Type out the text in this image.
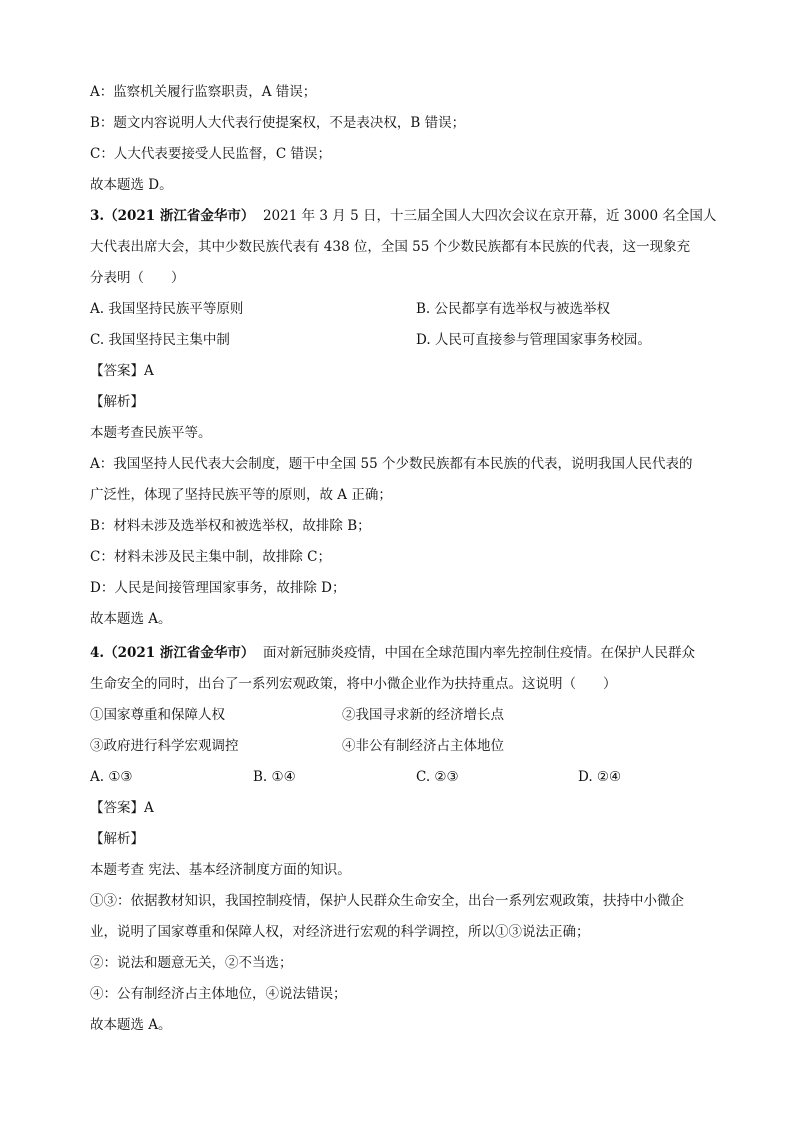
A：监察机关履行监察职责，A 错误；
B：题文内容说明人大代表行使提案权，不是表决权，B 错误；
C：人大代表要接受人民监督，C 错误；
故本题选 D。
3.（2021 浙江省金华市） 2021 年 3 月 5 日，十三届全国人大四次会议在京开幕，近 3000 名全国人
大代表出席大会，其中少数民族代表有 438 位，全国 55 个少数民族都有本民族的代表，这一现象充
分表明（　　）
A. 我国坚持民族平等原则	B. 公民都享有选举权与被选举权
C. 我国坚持民主集中制	D. 人民可直接参与管理国家事务校园。
【答案】A
【解析】
本题考查民族平等。
A：我国坚持人民代表大会制度，题干中全国 55 个少数民族都有本民族的代表，说明我国人民代表的
广泛性，体现了坚持民族平等的原则，故 A 正确；
B：材料未涉及选举权和被选举权，故排除 B；
C：材料未涉及民主集中制，故排除 C；
D：人民是间接管理国家事务，故排除 D；
故本题选 A。
4.（2021 浙江省金华市） 面对新冠肺炎疫情，中国在全球范围内率先控制住疫情。在保护人民群众
生命安全的同时，出台了一系列宏观政策，将中小微企业作为扶持重点。这说明（　　）
①国家尊重和保障人权	②我国寻求新的经济增长点
③政府进行科学宏观调控	④非公有制经济占主体地位
A. ①③	B. ①④	C. ②③	D. ②④
【答案】A
【解析】
本题考查 宪法、基本经济制度方面的知识。
①③：依据教材知识，我国控制疫情，保护人民群众生命安全，出台一系列宏观政策，扶持中小微企
业，说明了国家尊重和保障人权，对经济进行宏观的科学调控，所以①③说法正确；
②：说法和题意无关，②不当选；
④：公有制经济占主体地位，④说法错误；
故本题选 A。
